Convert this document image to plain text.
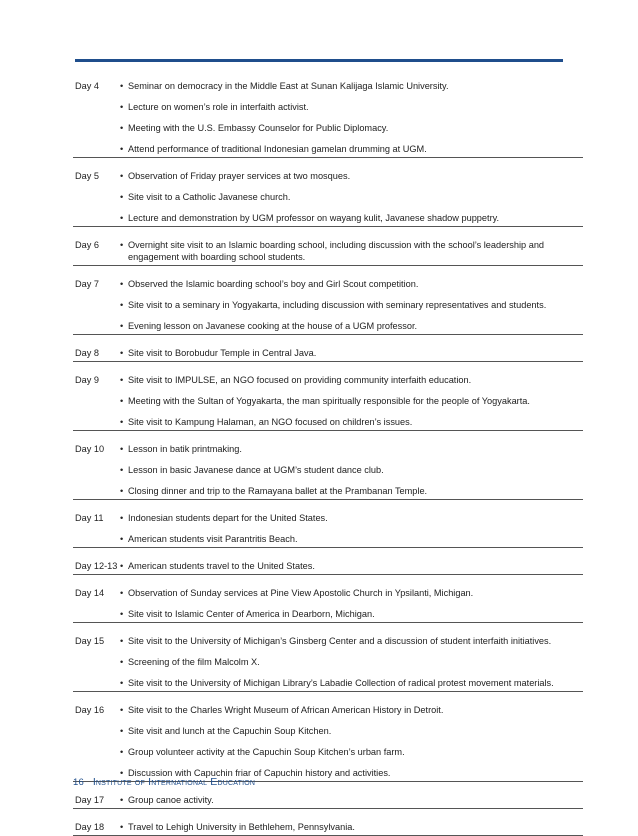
Day 4	• Seminar on democracy in the Middle East at Sunan Kalijaga Islamic University.
• Lecture on women’s role in interfaith activist.
• Meeting with the U.S. Embassy Counselor for Public Diplomacy.
• Attend performance of traditional Indonesian gamelan drumming at UGM.
Day 5	• Observation of Friday prayer services at two mosques.
• Site visit to a Catholic Javanese church.
• Lecture and demonstration by UGM professor on wayang kulit, Javanese shadow puppetry.
Day 6	• Overnight site visit to an Islamic boarding school, including discussion with the school’s leadership and engagement with boarding school students.
Day 7	• Observed the Islamic boarding school’s boy and Girl Scout competition.
• Site visit to a seminary in Yogyakarta, including discussion with seminary representatives and students.
• Evening lesson on Javanese cooking at the house of a UGM professor.
Day 8	• Site visit to Borobudur Temple in Central Java.
Day 9	• Site visit to IMPULSE, an NGO focused on providing community interfaith education.
• Meeting with the Sultan of Yogyakarta, the man spiritually responsible for the people of Yogyakarta.
• Site visit to Kampung Halaman, an NGO focused on children’s issues.
Day 10	• Lesson in batik printmaking.
• Lesson in basic Javanese dance at UGM’s student dance club.
• Closing dinner and trip to the Ramayana ballet at the Prambanan Temple.
Day 11	• Indonesian students depart for the United States.
• American students visit Parantritis Beach.
Day 12-13 • American students travel to the United States.
Day 14	• Observation of Sunday services at Pine View Apostolic Church in Ypsilanti, Michigan.
• Site visit to Islamic Center of America in Dearborn, Michigan.
Day 15	• Site visit to the University of Michigan’s Ginsberg Center and a discussion of student interfaith initiatives.
• Screening of the film Malcolm X.
• Site visit to the University of Michigan Library’s Labadie Collection of radical protest movement materials.
Day 16	• Site visit to the Charles Wright Museum of African American History in Detroit.
• Site visit and lunch at the Capuchin Soup Kitchen.
• Group volunteer activity at the Capuchin Soup Kitchen’s urban farm.
• Discussion with Capuchin friar of Capuchin history and activities.
Day 17	• Group canoe activity.
Day 18	• Travel to Lehigh University in Bethlehem, Pennsylvania.
16 Institute of International Education
